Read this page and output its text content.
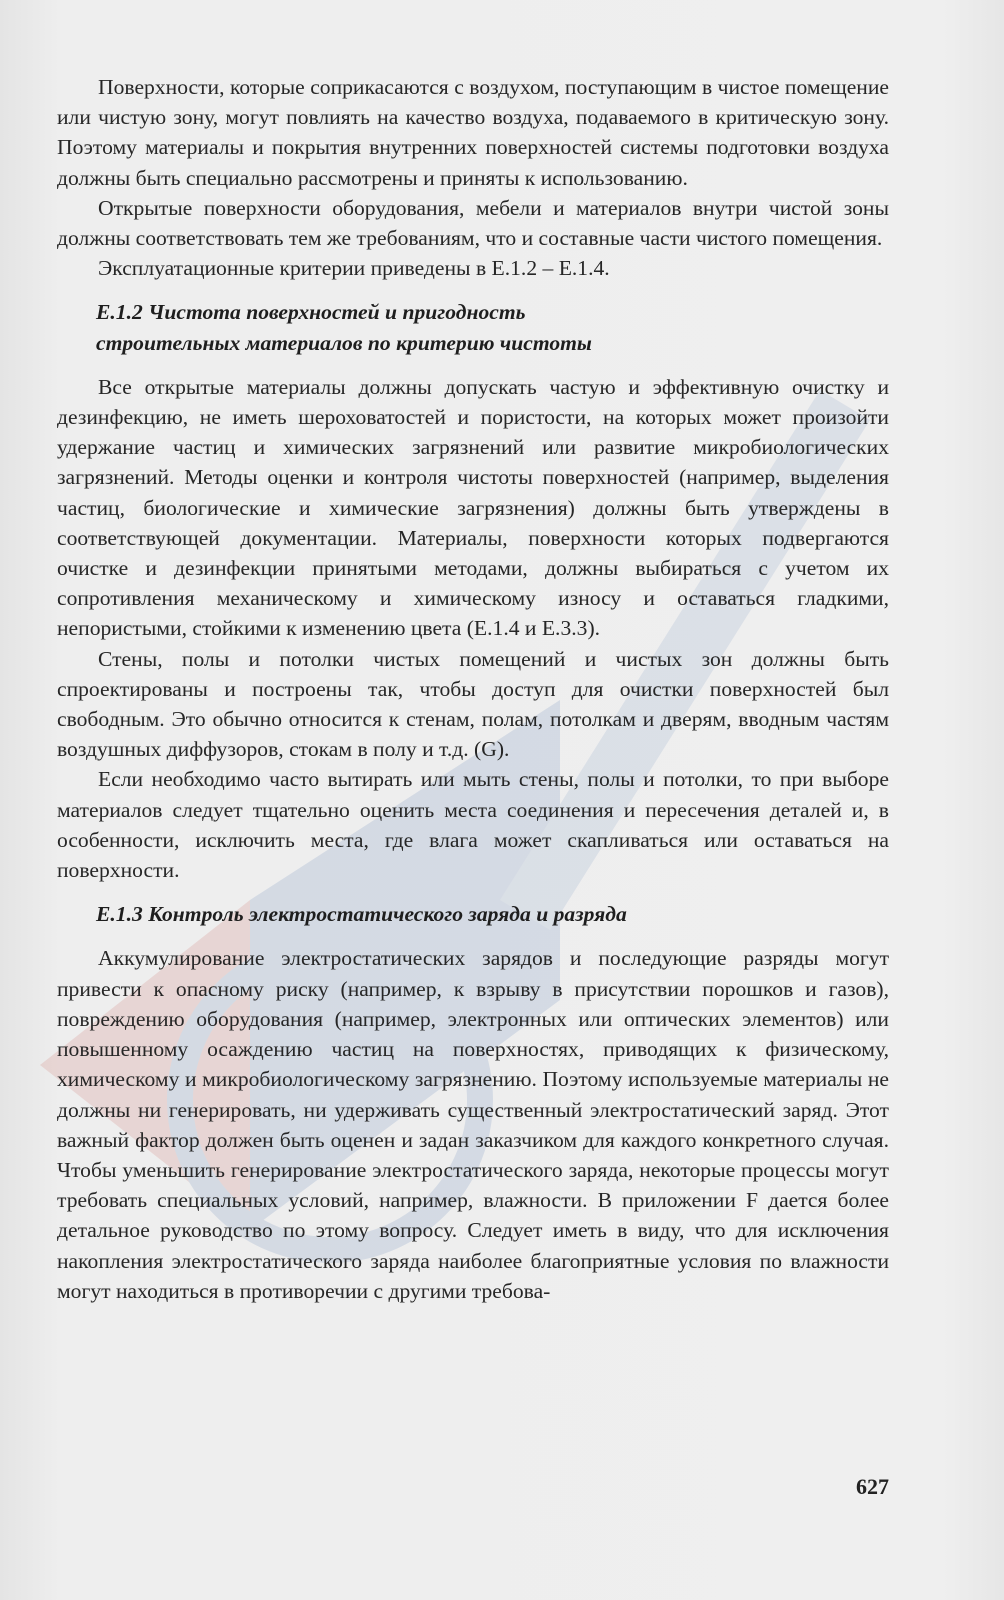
Поверхности, которые соприкасаются с воздухом, поступающим в чистое помещение или чистую зону, могут повлиять на качество воздуха, подаваемого в критическую зону. Поэтому материалы и покрытия внутренних поверхностей системы подготовки воздуха должны быть специально рассмотрены и приняты к использованию.

Открытые поверхности оборудования, мебели и материалов внутри чистой зоны должны соответствовать тем же требованиям, что и составные части чистого помещения.

Эксплуатационные критерии приведены в Е.1.2 – Е.1.4.

Е.1.2 Чистота поверхностей и пригодность
строительных материалов по критерию чистоты

Все открытые материалы должны допускать частую и эффективную очистку и дезинфекцию, не иметь шероховатостей и пористости, на которых может произойти удержание частиц и химических загрязнений или развитие микробиологических загрязнений. Методы оценки и контроля чистоты поверхностей (например, выделения частиц, биологические и химические загрязнения) должны быть утверждены в соответствующей документации. Материалы, поверхности которых подвергаются очистке и дезинфекции принятыми методами, должны выбираться с учетом их сопротивления механическому и химическому износу и оставаться гладкими, непористыми, стойкими к изменению цвета (Е.1.4 и Е.3.3).

Стены, полы и потолки чистых помещений и чистых зон должны быть спроектированы и построены так, чтобы доступ для очистки поверхностей был свободным. Это обычно относится к стенам, полам, потолкам и дверям, вводным частям воздушных диффузоров, стокам в полу и т.д. (G).

Если необходимо часто вытирать или мыть стены, полы и потолки, то при выборе материалов следует тщательно оценить места соединения и пересечения деталей и, в особенности, исключить места, где влага может скапливаться или оставаться на поверхности.

Е.1.3 Контроль электростатического заряда и разряда

Аккумулирование электростатических зарядов и последующие разряды могут привести к опасному риску (например, к взрыву в присутствии порошков и газов), повреждению оборудования (например, электронных или оптических элементов) или повышенному осаждению частиц на поверхностях, приводящих к физическому, химическому и микробиологическому загрязнению. Поэтому используемые материалы не должны ни генерировать, ни удерживать существенный электростатический заряд. Этот важный фактор должен быть оценен и задан заказчиком для каждого конкретного случая. Чтобы уменьшить генерирование электростатического заряда, некоторые процессы могут требовать специальных условий, например, влажности. В приложении F дается более детальное руководство по этому вопросу. Следует иметь в виду, что для исключения накопления электростатического заряда наиболее благоприятные условия по влажности могут находиться в противоречии с другими требова-

627
